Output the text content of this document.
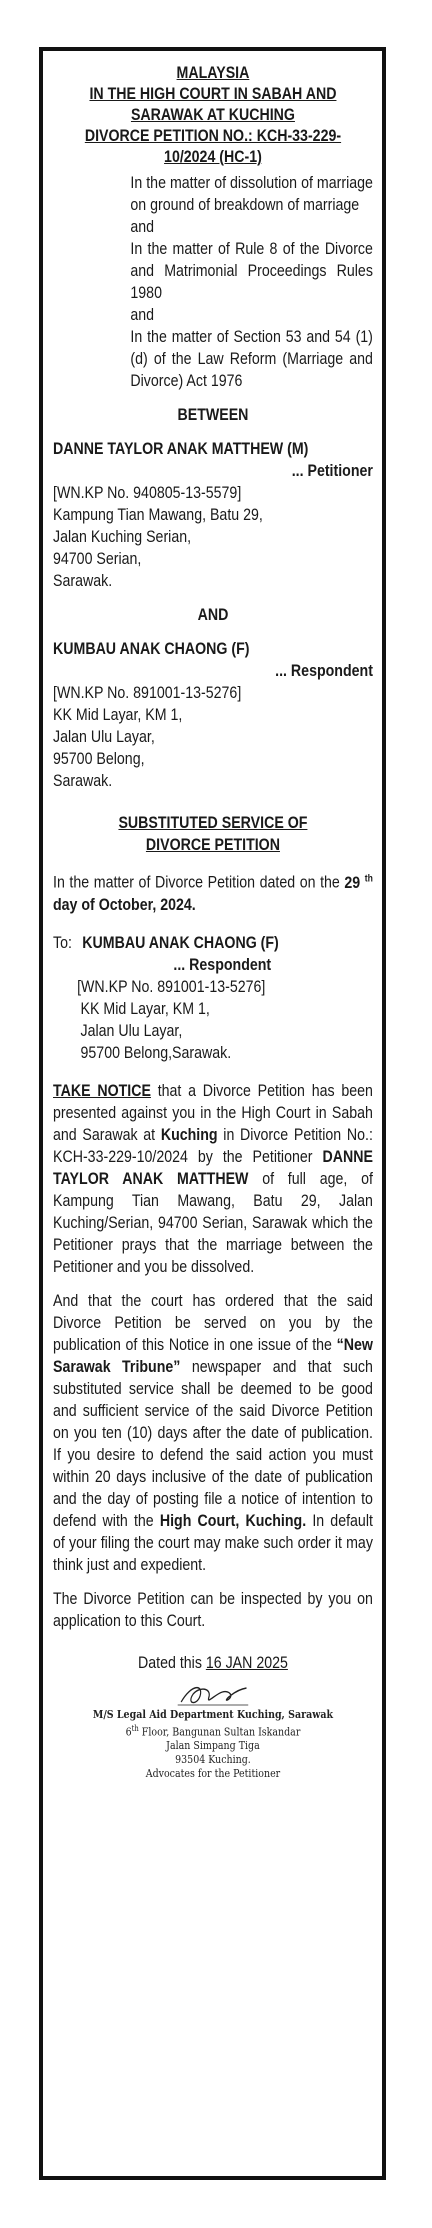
MALAYSIA
IN THE HIGH COURT IN SABAH AND
SARAWAK AT KUCHING
DIVORCE PETITION NO.: KCH-33-229-
10/2024 (HC-1)

In the matter of dissolution of marriage on ground of breakdown of marriage

and

In the matter of Rule 8 of the Divorce and Matrimonial Proceedings Rules 1980

and

In the matter of Section 53 and 54 (1) (d) of the Law Reform (Marriage and Divorce) Act 1976

BETWEEN
DANNE TAYLOR ANAK MATTHEW (M)
... Petitioner
[WN.KP No. 940805-13-5579]
Kampung Tian Mawang, Batu 29,
Jalan Kuching Serian,
94700 Serian,
Sarawak.
AND
KUMBAU ANAK CHAONG (F)
... Respondent
[WN.KP No. 891001-13-5276]
KK Mid Layar, KM 1,
Jalan Ulu Layar,
95700 Belong,
Sarawak.
SUBSTITUTED SERVICE OF
DIVORCE PETITION

In the matter of Divorce Petition dated on the 29 $^{th}$ day of October, 2024.

To: KUMBAU ANAK CHAONG (F)
... Respondent
[WN.KP No. 891001-13-5276]
KK Mid Layar, KM 1,
Jalan Ulu Layar,
95700 Belong,Sarawak.

TAKE NOTICE that a Divorce Petition has been presented against you in the High Court in Sabah and Sarawak at Kuching in Divorce Petition No.: KCH-33-229-10/2024 by the Petitioner DANNE TAYLOR ANAK MATTHEW of full age, of Kampung Tian Mawang, Batu 29, Jalan Kuching/Serian, 94700 Serian, Sarawak which the Petitioner prays that the marriage between the Petitioner and you be dissolved.

And that the court has ordered that the said Divorce Petition be served on you by the publication of this Notice in one issue of the “New Sarawak Tribune” newspaper and that such substituted service shall be deemed to be good and sufficient service of the said Divorce Petition on you ten (10) days after the date of publication. If you desire to defend the said action you must within 20 days inclusive of the date of publication and the day of posting file a notice of intention to defend with the High Court, Kuching. In default of your filing the court may make such order it may think just and expedient.

The Divorce Petition can be inspected by you on application to this Court.

Dated this 16 JAN 2025
M/S Legal Aid Department Kuching, Sarawak
6th Floor, Bangunan Sultan Iskandar
Jalan Simpang Tiga
93504 Kuching.
Advocates for the Petitioner
